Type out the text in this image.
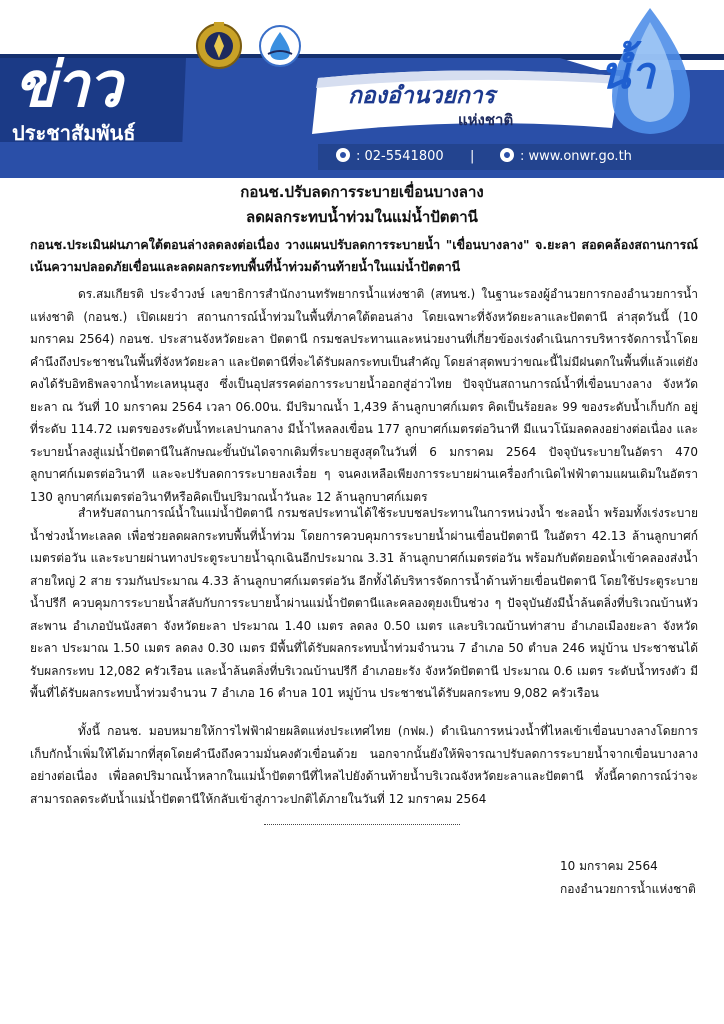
ข่าว
ประชาสัมพันธ์
กองอำนวยการ
แห่งชาติ
น้ำ
: 02-5541800 |	: www.onwr.go.th
กอนช.ปรับลดการระบายเขื่อนบางลาง
ลดผลกระทบน้ำท่วมในแม่น้ำปัตตานี
กอนช.ประเมินฝนภาคใต้ตอนล่างลดลงต่อเนื่อง วางแผนปรับลดการระบายน้ำ "เขื่อนบางลาง" จ.ยะลา สอดคล้องสถานการณ์ เน้นความปลอดภัยเขื่อนและลดผลกระทบพื้นที่น้ำท่วมด้านท้ายน้ำในแม่น้ำปัตตานี
ดร.สมเกียรติ ประจำวงษ์ เลขาธิการสำนักงานทรัพยากรน้ำแห่งชาติ (สทนช.) ในฐานะรองผู้อำนวยการกองอำนวยการน้ำแห่งชาติ (กอนช.) เปิดเผยว่า สถานการณ์น้ำท่วมในพื้นที่ภาคใต้ตอนล่าง โดยเฉพาะที่จังหวัดยะลาและปัตตานี ล่าสุดวันนี้ (10 มกราคม 2564) กอนช. ประสานจังหวัดยะลา ปัตตานี กรมชลประทานและหน่วยงานที่เกี่ยวข้องเร่งดำเนินการบริหารจัดการน้ำโดยคำนึงถึงประชาชนในพื้นที่จังหวัดยะลา และปัตตานีที่จะได้รับผลกระทบเป็นสำคัญ โดยล่าสุดพบว่าขณะนี้ไม่มีฝนตกในพื้นที่แล้วแต่ยังคงได้รับอิทธิพลจากน้ำทะเลหนุนสูง ซึ่งเป็นอุปสรรคต่อการระบายน้ำออกสู่อ่าวไทย ปัจจุบันสถานการณ์น้ำที่เขื่อนบางลาง จังหวัดยะลา ณ วันที่ 10 มกราคม 2564 เวลา 06.00น. มีปริมาณน้ำ 1,439 ล้านลูกบาศก์เมตร คิดเป็นร้อยละ 99 ของระดับน้ำเก็บกัก อยู่ที่ระดับ 114.72 เมตรของระดับน้ำทะเลปานกลาง มีน้ำไหลลงเขื่อน 177 ลูกบาศก์เมตรต่อวินาที มีแนวโน้มลดลงอย่างต่อเนื่อง และระบายน้ำลงสู่แม่น้ำปัตตานีในลักษณะขั้นบันไดจากเดิมที่ระบายสูงสุดในวันที่ 6 มกราคม 2564 ปัจจุบันระบายในอัตรา 470 ลูกบาศก์เมตรต่อวินาที และจะปรับลดการระบายลงเรื่อย ๆ จนคงเหลือเพียงการระบายผ่านเครื่องกำเนิดไฟฟ้าตามแผนเดิมในอัตรา 130 ลูกบาศก์เมตรต่อวินาทีหรือคิดเป็นปริมาณน้ำวันละ 12 ล้านลูกบาศก์เมตร
สำหรับสถานการณ์น้ำในแม่น้ำปัตตานี กรมชลประทานได้ใช้ระบบชลประทานในการหน่วงน้ำ ชะลอน้ำ พร้อมทั้งเร่งระบายน้ำช่วงน้ำทะเลลด เพื่อช่วยลดผลกระทบพื้นที่น้ำท่วม โดยการควบคุมการระบายน้ำผ่านเขื่อนปัตตานี ในอัตรา 42.13 ล้านลูกบาศก์เมตรต่อวัน และระบายผ่านทางประตูระบายน้ำฉุกเฉินอีกประมาณ 3.31 ล้านลูกบาศก์เมตรต่อวัน พร้อมกับตัดยอดน้ำเข้าคลองส่งน้ำสายใหญ่ 2 สาย รวมกันประมาณ 4.33 ล้านลูกบาศก์เมตรต่อวัน อีกทั้งได้บริหารจัดการน้ำด้านท้ายเขื่อนปัตตานี โดยใช้ประตูระบายน้ำปรีกี ควบคุมการระบายน้ำสลับกับการระบายน้ำผ่านแม่น้ำปัตตานีและคลองตุยงเป็นช่วง ๆ ปัจจุบันยังมีน้ำล้นตลิ่งที่บริเวณบ้านหัวสะพาน อำเภอบันนังสตา จังหวัดยะลา ประมาณ 1.40 เมตร ลดลง 0.50 เมตร และบริเวณบ้านท่าสาบ อำเภอเมืองยะลา จังหวัดยะลา ประมาณ 1.50 เมตร ลดลง 0.30 เมตร มีพื้นที่ได้รับผลกระทบน้ำท่วมจำนวน 7 อำเภอ 50 ตำบล 246 หมู่บ้าน ประชาชนได้รับผลกระทบ 12,082 ครัวเรือน และน้ำล้นตลิ่งที่บริเวณบ้านปรีกี อำเภอยะรัง จังหวัดปัตตานี ประมาณ 0.6 เมตร ระดับน้ำทรงตัว มีพื้นที่ได้รับผลกระทบน้ำท่วมจำนวน 7 อำเภอ 16 ตำบล 101 หมู่บ้าน ประชาชนได้รับผลกระทบ 9,082 ครัวเรือน
ทั้งนี้ กอนช. มอบหมายให้การไฟฟ้าฝ่ายผลิตแห่งประเทศไทย (กฟผ.) ดำเนินการหน่วงน้ำที่ไหลเข้าเขื่อนบางลางโดยการเก็บกักน้ำเพิ่มให้ได้มากที่สุดโดยคำนึงถึงความมั่นคงตัวเขื่อนด้วย นอกจากนั้นยังให้พิจารณาปรับลดการระบายน้ำจากเขื่อนบางลางอย่างต่อเนื่อง เพื่อลดปริมาณน้ำหลากในแม่น้ำปัตตานีที่ไหลไปยังด้านท้ายน้ำบริเวณจังหวัดยะลาและปัตตานี ทั้งนี้คาดการณ์ว่าจะสามารถลดระดับน้ำแม่น้ำปัตตานีให้กลับเข้าสู่ภาวะปกติได้ภายในวันที่ 12 มกราคม 2564
10 มกราคม 2564
กองอำนวยการน้ำแห่งชาติ
